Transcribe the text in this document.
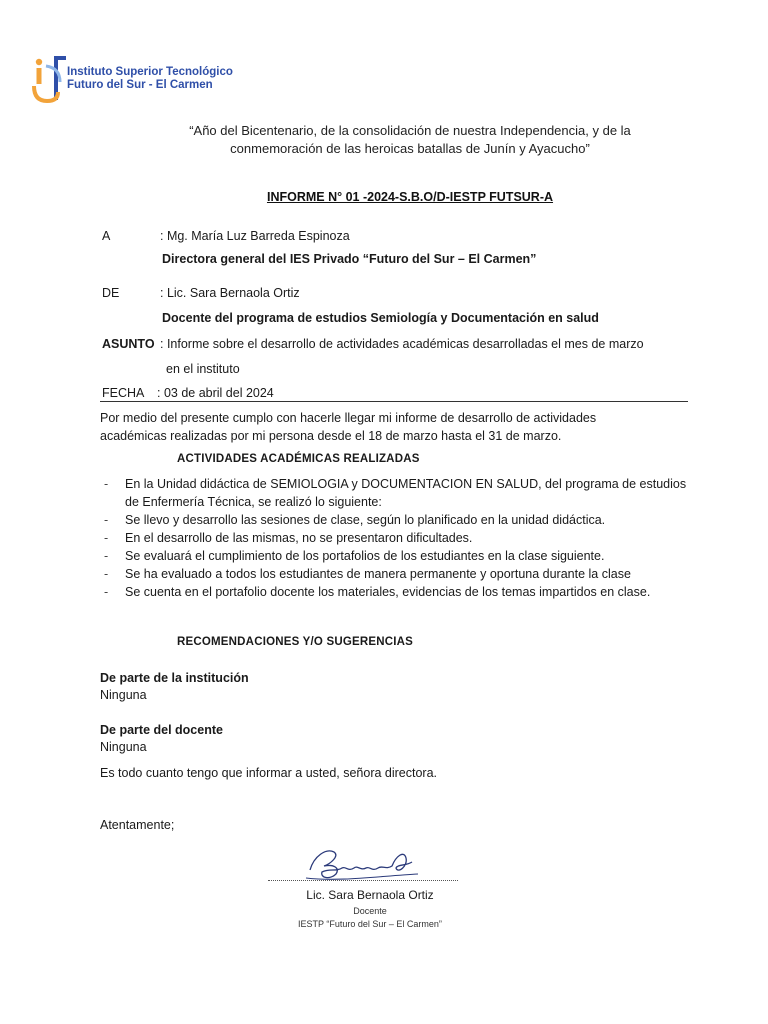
Instituto Superior Tecnológico
Futuro del Sur - El Carmen
“Año del Bicentenario, de la consolidación de nuestra Independencia, y de la
conmemoración de las heroicas batallas de Junín y Ayacucho”
INFORME N° 01 -2024-S.B.O/D-IESTP FUTSUR-A
A	: Mg. María Luz Barreda Espinoza
Directora general del IES Privado “Futuro del Sur – El Carmen”
DE	: Lic. Sara Bernaola Ortiz
Docente del programa de estudios Semiología y Documentación en salud
ASUNTO : Informe sobre el desarrollo de actividades académicas desarrolladas el mes de marzo
en el instituto
FECHA : 03 de abril del 2024
Por medio del presente cumplo con hacerle llegar mi informe de desarrollo de actividades
académicas realizadas por mi persona desde el 18 de marzo hasta el 31 de marzo.
ACTIVIDADES ACADÉMICAS REALIZADAS
- En la Unidad didáctica de SEMIOLOGIA y DOCUMENTACION EN SALUD, del programa de estudios de Enfermería Técnica, se realizó lo siguiente:
- Se llevo y desarrollo las sesiones de clase, según lo planificado en la unidad didáctica.
- En el desarrollo de las mismas, no se presentaron dificultades.
- Se evaluará el cumplimiento de los portafolios de los estudiantes en la clase siguiente.
- Se ha evaluado a todos los estudiantes de manera permanente y oportuna durante la clase
- Se cuenta en el portafolio docente los materiales, evidencias de los temas impartidos en clase.
RECOMENDACIONES Y/O SUGERENCIAS
De parte de la institución
Ninguna
De parte del docente
Ninguna
Es todo cuanto tengo que informar a usted, señora directora.
Atentamente;
Lic. Sara Bernaola Ortiz
Docente
IESTP “Futuro del Sur – El Carmen”
